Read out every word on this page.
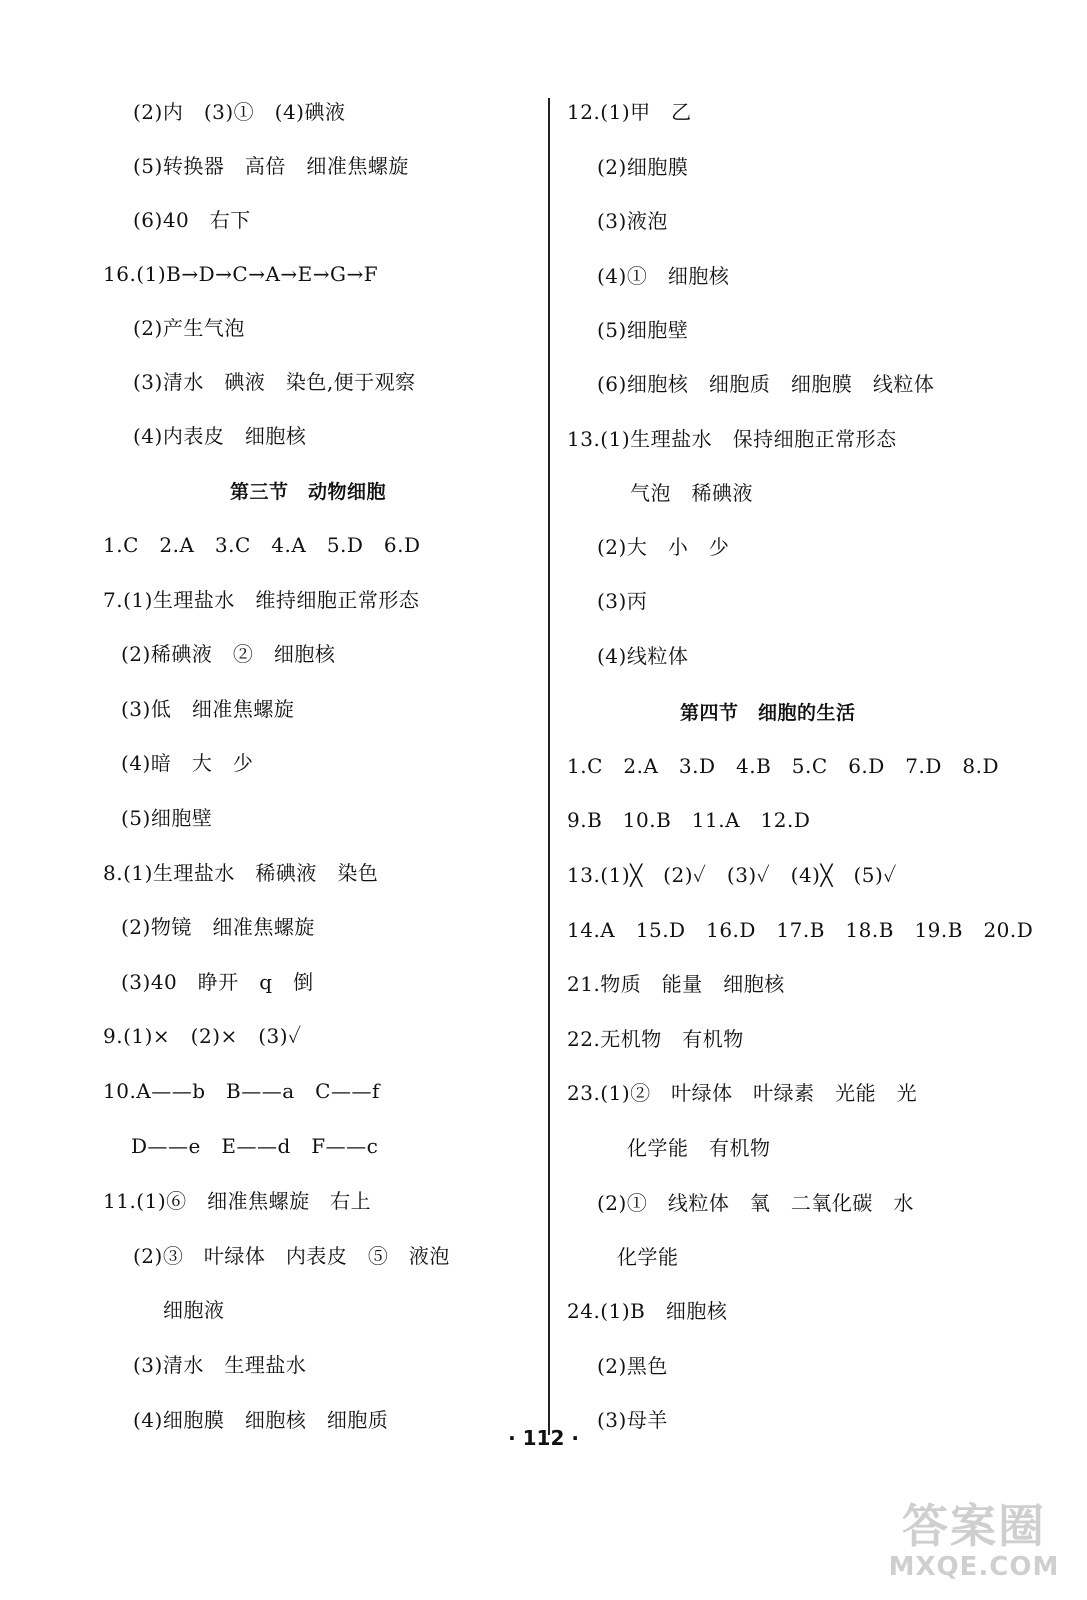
(2)内　(3)①　(4)碘液
(5)转换器　高倍　细准焦螺旋
(6)40　右下
16.(1)B→D→C→A→E→G→F
(2)产生气泡
(3)清水　碘液　染色,便于观察
(4)内表皮　细胞核
第三节　动物细胞
1.C　2.A　3.C　4.A　5.D　6.D
7.(1)生理盐水　维持细胞正常形态
(2)稀碘液　②　细胞核
(3)低　细准焦螺旋
(4)暗　大　少
(5)细胞壁
8.(1)生理盐水　稀碘液　染色
(2)物镜　细准焦螺旋
(3)40　睁开　q　倒
9.(1)×　(2)×　(3)✓
10.A——b　B——a　C——f
D——e　E——d　F——c
11.(1)⑥　细准焦螺旋　右上
(2)③　叶绿体　内表皮　⑤　液泡
细胞液
(3)清水　生理盐水
(4)细胞膜　细胞核　细胞质
12.(1)甲　乙
(2)细胞膜
(3)液泡
(4)①　细胞核
(5)细胞壁
(6)细胞核　细胞质　细胞膜　线粒体
13.(1)生理盐水　保持细胞正常形态
气泡　稀碘液
(2)大　小　少
(3)丙
(4)线粒体
第四节　细胞的生活
1.C　2.A　3.D　4.B　5.C　6.D　7.D　8.D
9.B　10.B　11.A　12.D
13.(1)╳　(2)✓　(3)✓　(4)╳　(5)✓
14.A　15.D　16.D　17.B　18.B　19.B　20.D
21.物质　能量　细胞核
22.无机物　有机物
23.(1)②　叶绿体　叶绿素　光能　光
化学能　有机物
(2)①　线粒体　氧　二氧化碳　水
化学能
24.(1)B　细胞核
(2)黑色
(3)母羊
· 112 ·
答案圈
MXQE.COM
